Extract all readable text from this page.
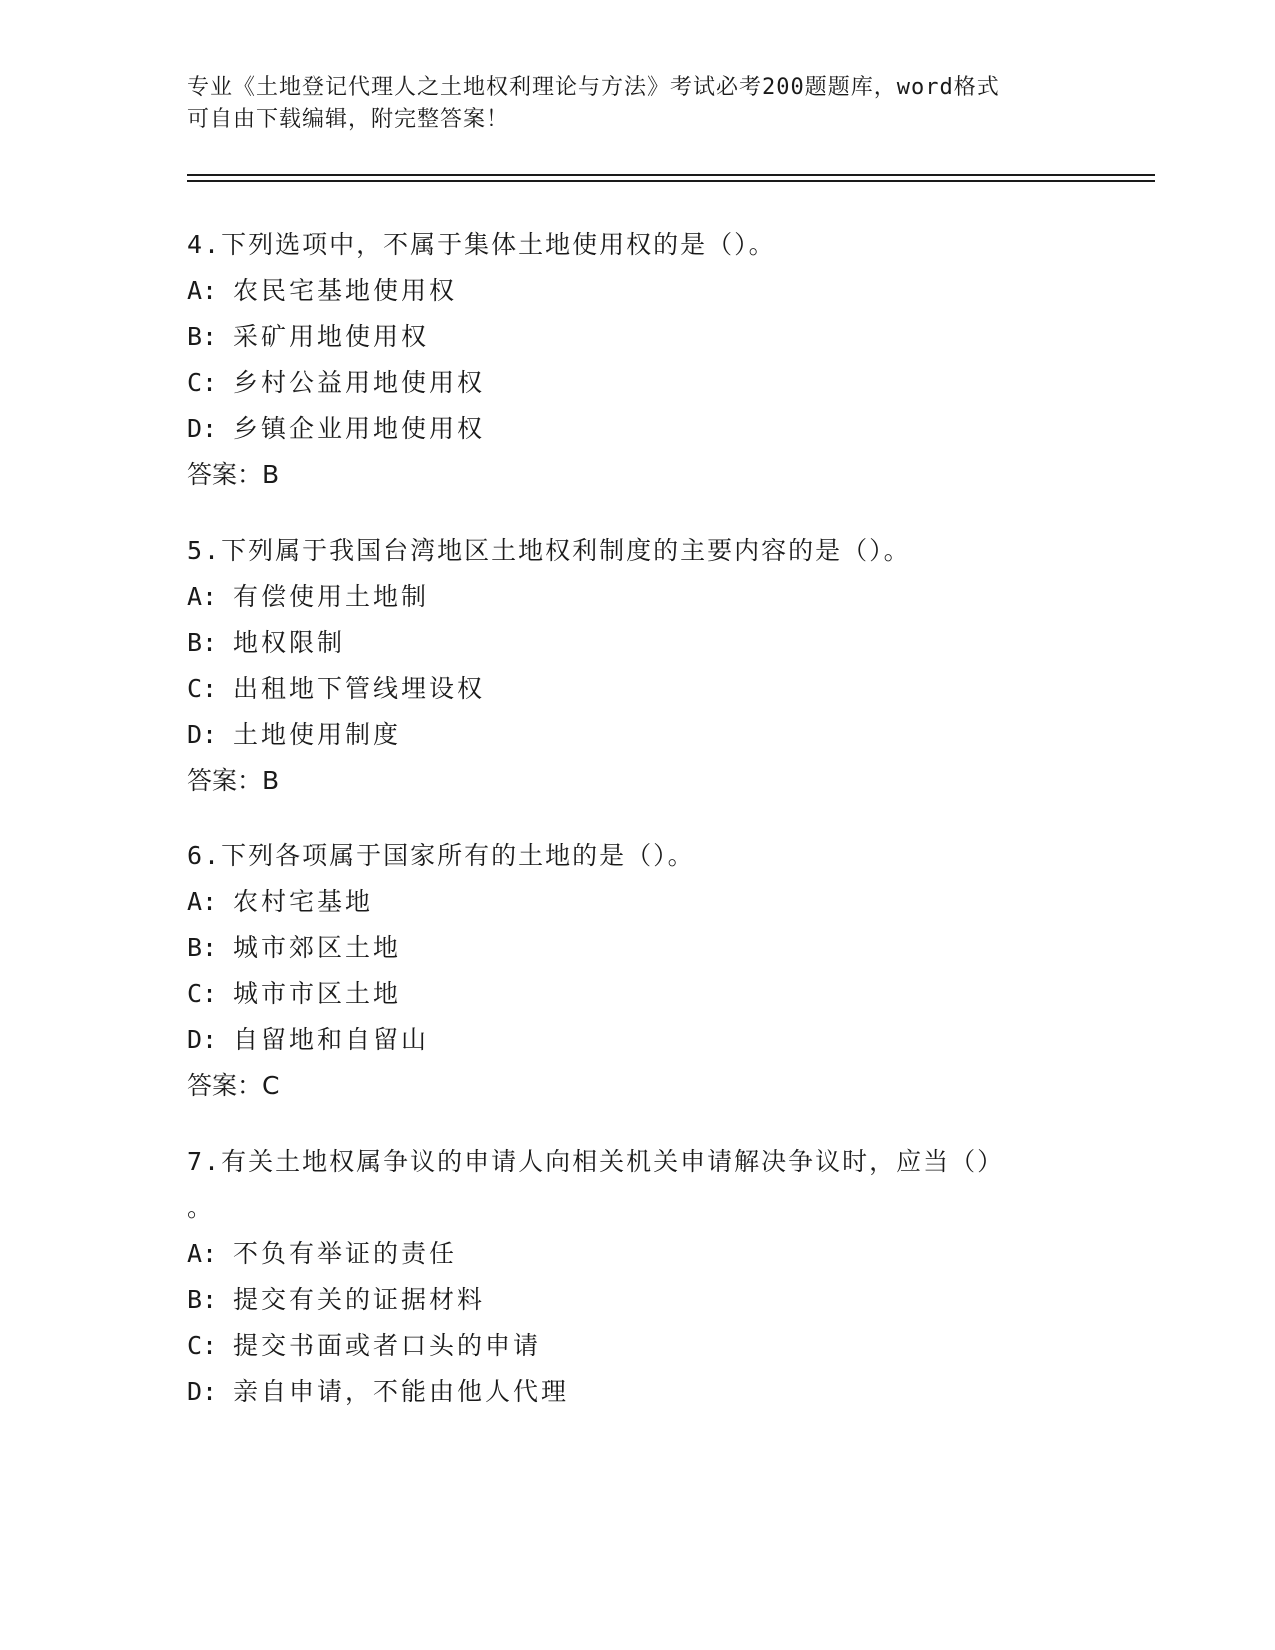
专业《土地登记代理人之土地权利理论与方法》考试必考200题题库，word格式
可自由下载编辑，附完整答案！
4.下列选项中，不属于集体土地使用权的是（）。
A: 农民宅基地使用权
B: 采矿用地使用权
C: 乡村公益用地使用权
D: 乡镇企业用地使用权
答案：B
5.下列属于我国台湾地区土地权利制度的主要内容的是（）。
A: 有偿使用土地制
B: 地权限制
C: 出租地下管线埋设权
D: 土地使用制度
答案：B
6.下列各项属于国家所有的土地的是（）。
A: 农村宅基地
B: 城市郊区土地
C: 城市市区土地
D: 自留地和自留山
答案：C
7.有关土地权属争议的申请人向相关机关申请解决争议时，应当（）
。
A: 不负有举证的责任
B: 提交有关的证据材料
C: 提交书面或者口头的申请
D: 亲自申请，不能由他人代理
